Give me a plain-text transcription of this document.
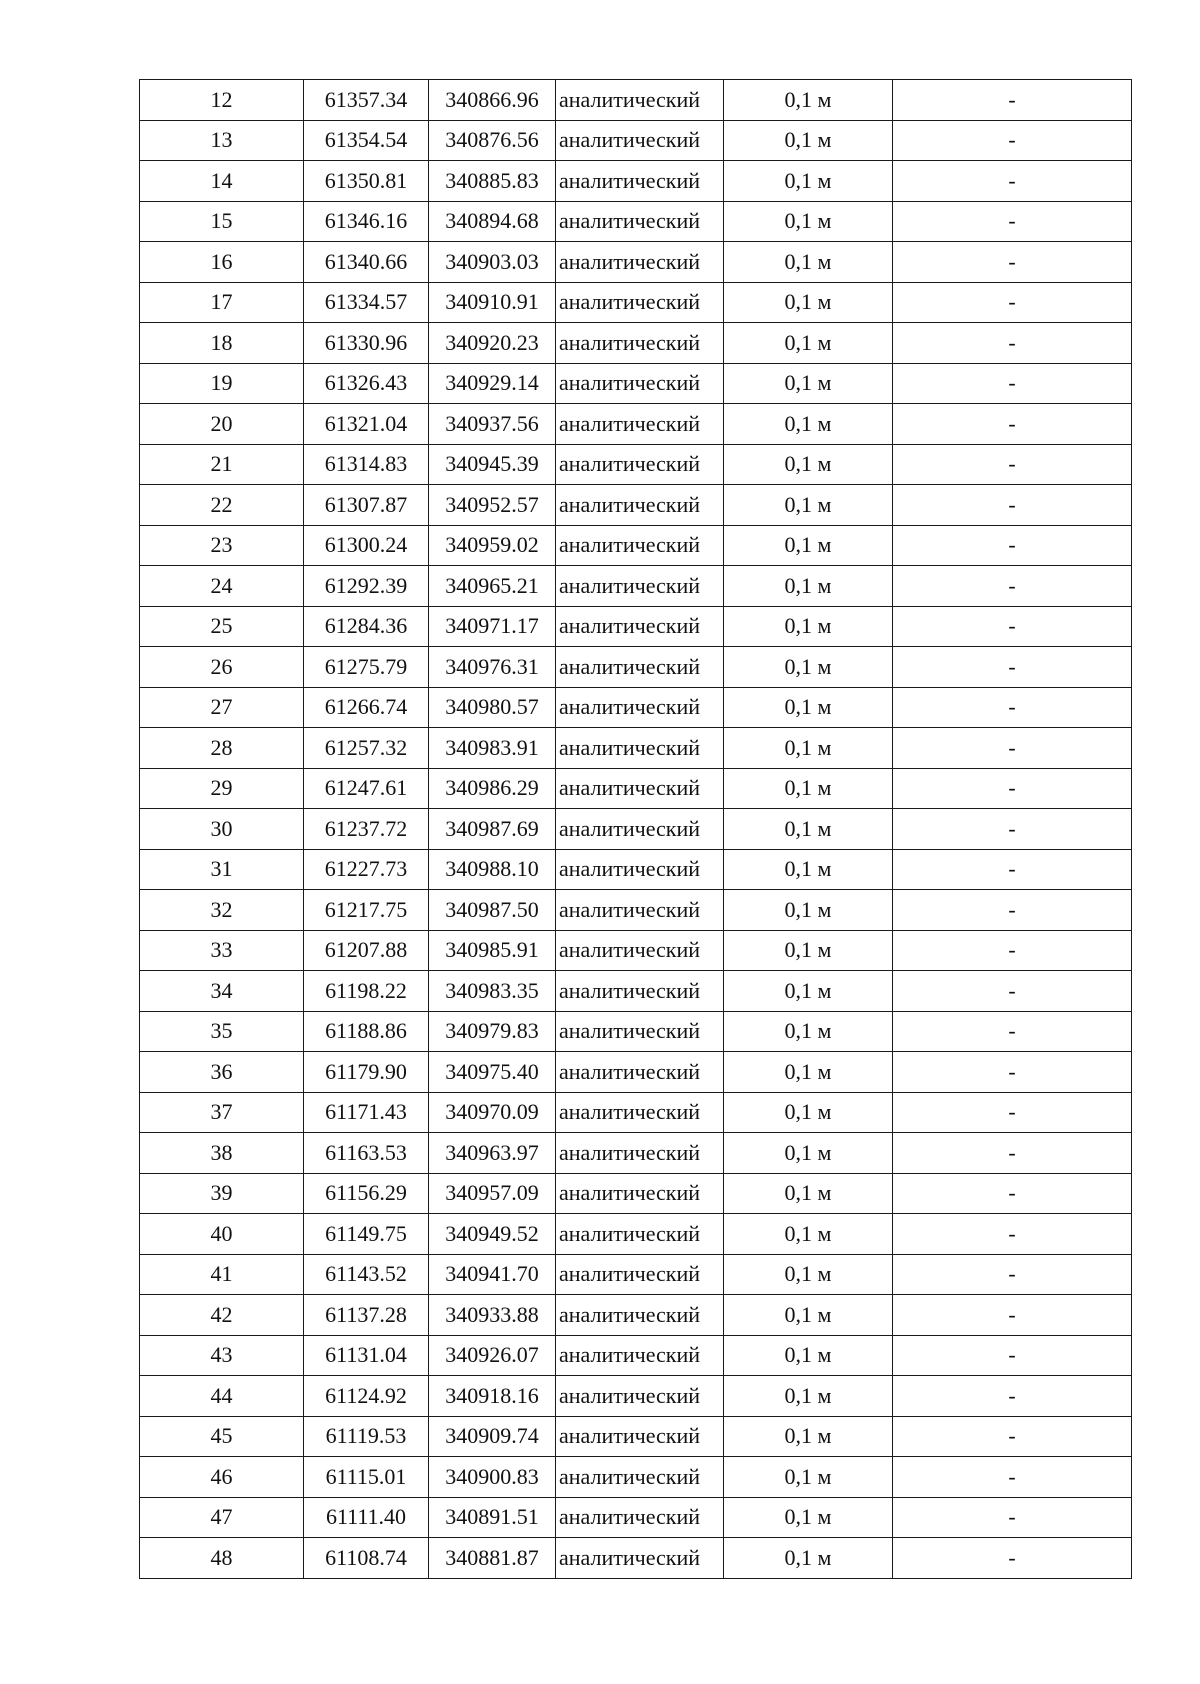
12	61357.34	340866.96	аналитический	0,1 м	-
13	61354.54	340876.56	аналитический	0,1 м	-
14	61350.81	340885.83	аналитический	0,1 м	-
15	61346.16	340894.68	аналитический	0,1 м	-
16	61340.66	340903.03	аналитический	0,1 м	-
17	61334.57	340910.91	аналитический	0,1 м	-
18	61330.96	340920.23	аналитический	0,1 м	-
19	61326.43	340929.14	аналитический	0,1 м	-
20	61321.04	340937.56	аналитический	0,1 м	-
21	61314.83	340945.39	аналитический	0,1 м	-
22	61307.87	340952.57	аналитический	0,1 м	-
23	61300.24	340959.02	аналитический	0,1 м	-
24	61292.39	340965.21	аналитический	0,1 м	-
25	61284.36	340971.17	аналитический	0,1 м	-
26	61275.79	340976.31	аналитический	0,1 м	-
27	61266.74	340980.57	аналитический	0,1 м	-
28	61257.32	340983.91	аналитический	0,1 м	-
29	61247.61	340986.29	аналитический	0,1 м	-
30	61237.72	340987.69	аналитический	0,1 м	-
31	61227.73	340988.10	аналитический	0,1 м	-
32	61217.75	340987.50	аналитический	0,1 м	-
33	61207.88	340985.91	аналитический	0,1 м	-
34	61198.22	340983.35	аналитический	0,1 м	-
35	61188.86	340979.83	аналитический	0,1 м	-
36	61179.90	340975.40	аналитический	0,1 м	-
37	61171.43	340970.09	аналитический	0,1 м	-
38	61163.53	340963.97	аналитический	0,1 м	-
39	61156.29	340957.09	аналитический	0,1 м	-
40	61149.75	340949.52	аналитический	0,1 м	-
41	61143.52	340941.70	аналитический	0,1 м	-
42	61137.28	340933.88	аналитический	0,1 м	-
43	61131.04	340926.07	аналитический	0,1 м	-
44	61124.92	340918.16	аналитический	0,1 м	-
45	61119.53	340909.74	аналитический	0,1 м	-
46	61115.01	340900.83	аналитический	0,1 м	-
47	61111.40	340891.51	аналитический	0,1 м	-
48	61108.74	340881.87	аналитический	0,1 м	-
